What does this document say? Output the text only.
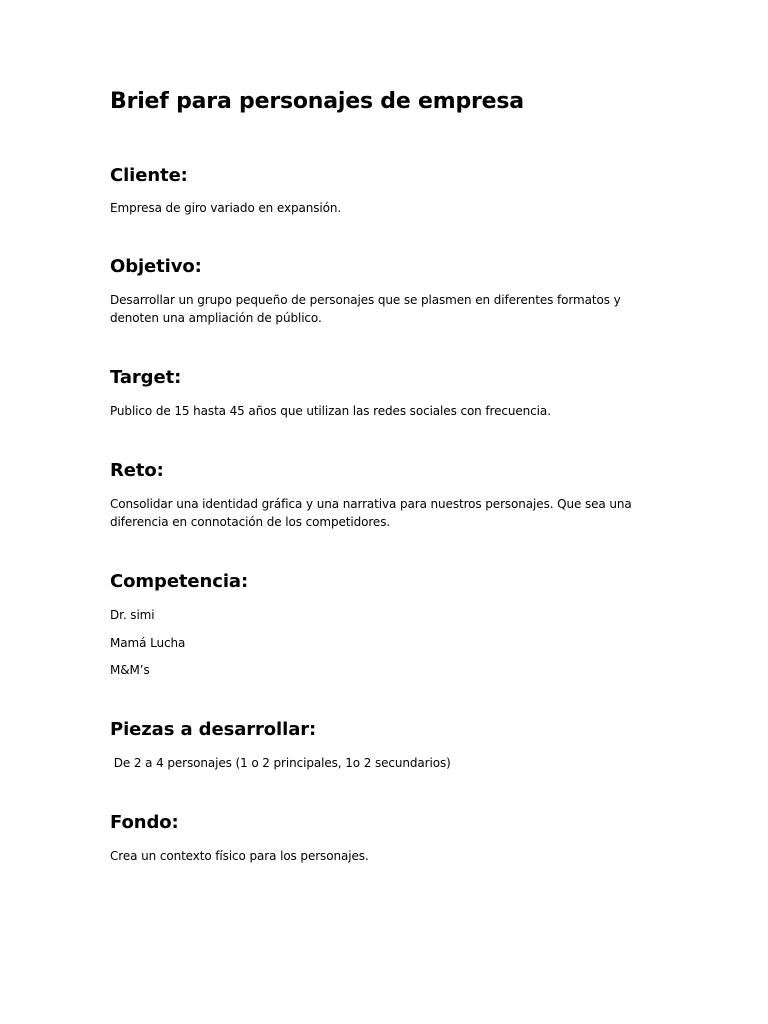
Brief para personajes de empresa
Cliente:

Empresa de giro variado en expansión.

Objetivo:

Desarrollar un grupo pequeño de personajes que se plasmen en diferentes formatos y denoten una ampliación de público.

Target:

Publico de 15 hasta 45 años que utilizan las redes sociales con frecuencia.

Reto:

Consolidar una identidad gráfica y una narrativa para nuestros personajes. Que sea una diferencia en connotación de los competidores.

Competencia:

Dr. simi

Mamá Lucha

M&M’s

Piezas a desarrollar:

De 2 a 4 personajes (1 o 2 principales, 1o 2 secundarios)

Fondo:

Crea un contexto físico para los personajes.
